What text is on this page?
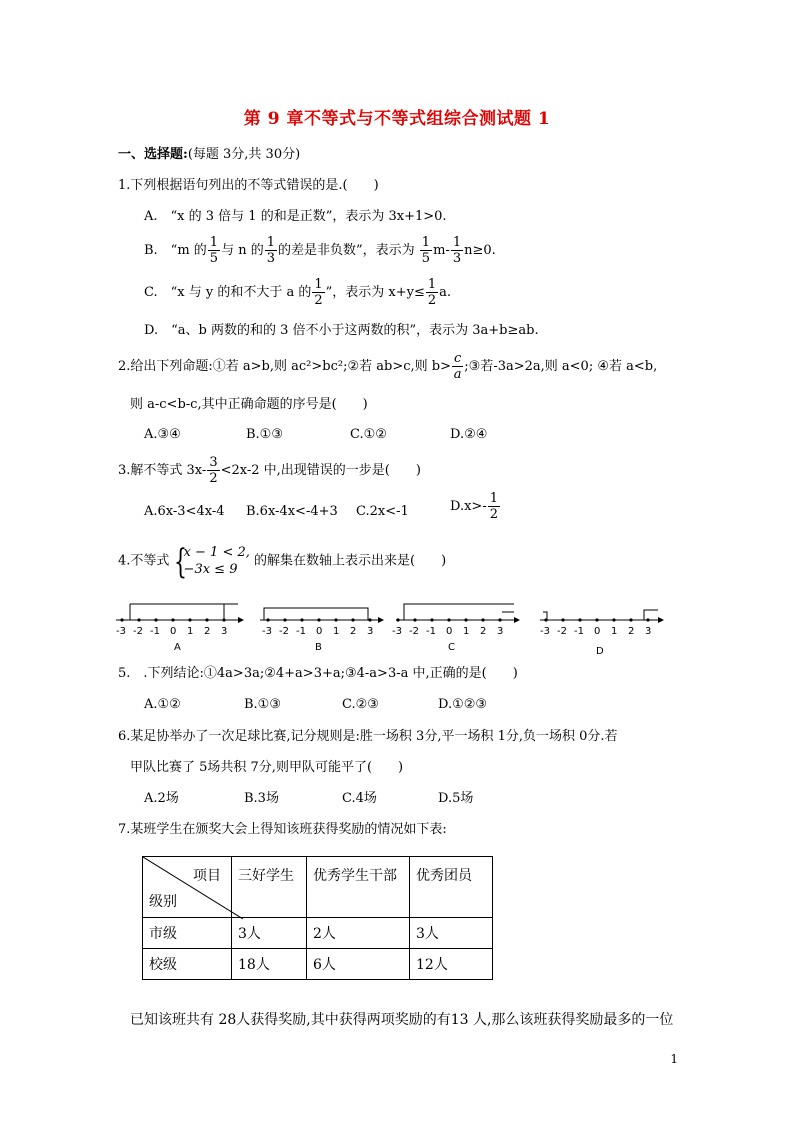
第 9 章不等式与不等式组综合测试题 1
一、选择题:(每题 3分,共 30分)
1.下列根据语句列出的不等式错误的是.(　　)
A.　“x 的 3 倍与 1 的和是正数”，表示为 3x+1>0.
B.　“m 的 $\frac{1}{5}$ 与 n 的 $\frac{1}{3}$ 的差是非负数”，表示为 $\frac{1}{5} m- \frac{1}{3} n\ge 0$.
C.　“x 与 y 的和不大于 a 的 $\frac{1}{2}$ ”，表示为 $x+y\le \frac{1}{2} a$.
D.　“a、b 两数的和的 3 倍不小于这两数的积”，表示为 3a+b≥ab.
2.给出下列命题:①若 a>b,则 ac²>bc²;②若 ab>c,则 $b> \frac{c}{a}$ ;③若-3a>2a,则 a<0; ④若 a<b,
则 a-c<b-c,其中正确命题的序号是(　　)
A.③④	B.①③	C.①②	D.②④
3.解不等式 $3x- \frac{3}{2} <2x-2$ 中,出现错误的一步是(　　)
A.6x-3<4x-4 B.6x-4x<-4+3 C.2x<-1	$D.x>- \frac{1}{2}$
4.不等式 {
x − 1 < 2,
−3x ≤ 9
的解集在数轴上表示出来是(　　)
-3 -2 -1 0 1 2 3
A
-3 -2 -1 0 1 2 3
B
-3 -2 -1 0 1 2 3
C
-3 -2 -1 0 1 2 3
D
5.　.下列结论:①4a>3a;②4+a>3+a;③4-a>3-a 中,正确的是(　　)
A.①②	B.①③	C.②③	D.①②③
6.某足协举办了一次足球比赛,记分规则是:胜一场积 3分,平一场积 1分,负一场积 0分.若
甲队比赛了 5场共积 7分,则甲队可能平了(　　)
A.2场	B.3场	C.4场	D.5场
7.某班学生在颁奖大会上得知该班获得奖励的情况如下表:
项目
级别	三好学生	优秀学生干部	优秀团员
市级	3人	2人	3人
校级	18人	6人	12人
已知该班共有 28人获得奖励,其中获得两项奖励的有13 人,那么该班获得奖励最多的一位
1
